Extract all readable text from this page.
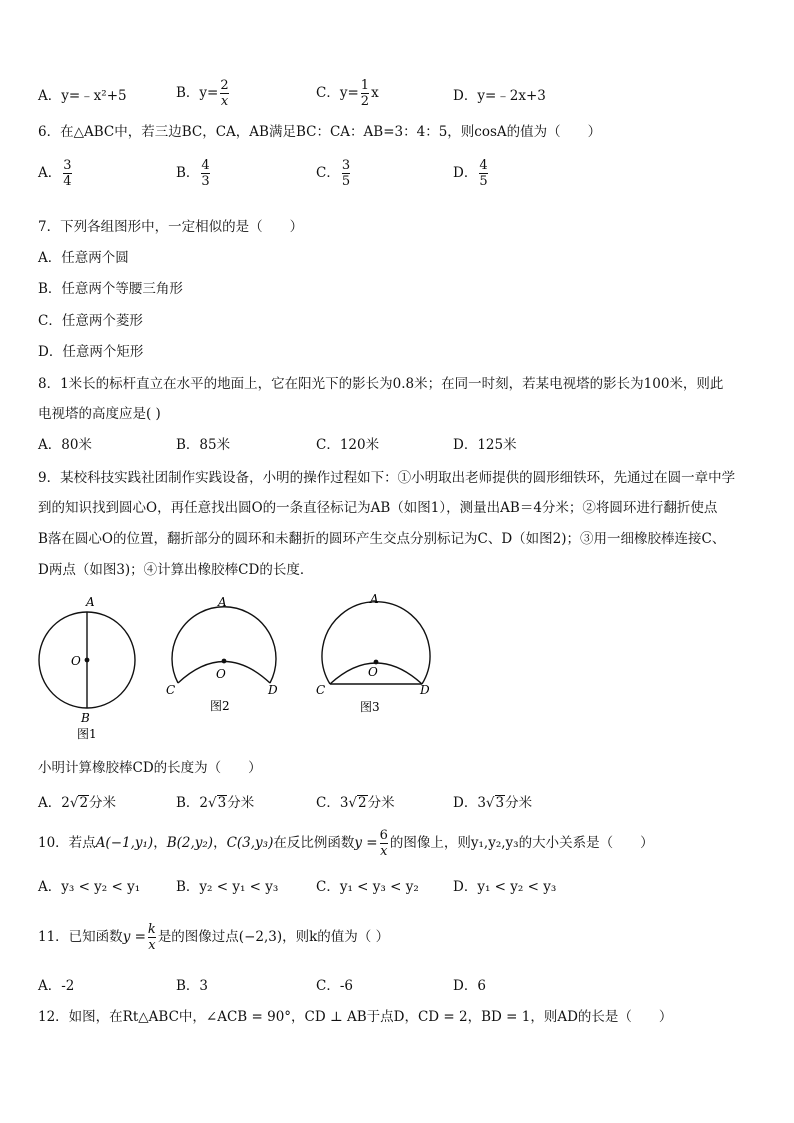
A．y=﹣x²+5	B．$y= \frac{2}{x}$	C．$y= \frac{1}{2}$ x	D．y=﹣2x+3
6．在△ABC中，若三边BC，CA，AB满足BC：CA：AB=3：4：5，则cosA的值为（　　）
A． $\frac{3}{4}$	B． $\frac{4}{3}$	C． $\frac{3}{5}$	D． $\frac{4}{5}$
7．下列各组图形中，一定相似的是（　　）
A．任意两个圆
B．任意两个等腰三角形
C．任意两个菱形
D．任意两个矩形
8．1米长的标杆直立在水平的地面上，它在阳光下的影长为0.8米；在同一时刻，若某电视塔的影长为100米，则此
电视塔的高度应是( )
A．80米	B．85米	C．120米	D．125米
9．某校科技实践社团制作实践设备，小明的操作过程如下：①小明取出老师提供的圆形细铁环，先通过在圆一章中学
到的知识找到圆心O，再任意找出圆O的一条直径标记为AB（如图1），测量出AB＝4分米；②将圆环进行翻折使点
B落在圆心O的位置，翻折部分的圆环和未翻折的圆环产生交点分别标记为C、D（如图2)；③用一细橡胶棒连接C、
D两点（如图3)；④计算出橡胶棒CD的长度．
A
O
B
图1
A
O
C	D
图2
A
O
C	D
图3
小明计算橡胶棒CD的长度为（　　）
A．2√2分米	B．2√3分米	C．3√2分米	D．3√3分米
10．若点A(−1,y₁)，B(2,y₂)，C(3,y₃)在反比例函数$y = \frac{6}{x}$ 的图像上，则y₁,y₂,y₃的大小关系是（　　）
A．y₃ < y₂ < y₁	B．y₂ < y₁ < y₃	C．y₁ < y₃ < y₂	D．y₁ < y₂ < y₃
11．已知函数$y = \frac{k}{x}$ 是的图像过点(−2,3)，则k的值为（ ）
A．-2	B．3	C．-6	D．6
12．如图，在Rt△ABC中，∠ACB = 90°，CD ⊥ AB于点D，CD = 2，BD = 1，则AD的长是（　　）
